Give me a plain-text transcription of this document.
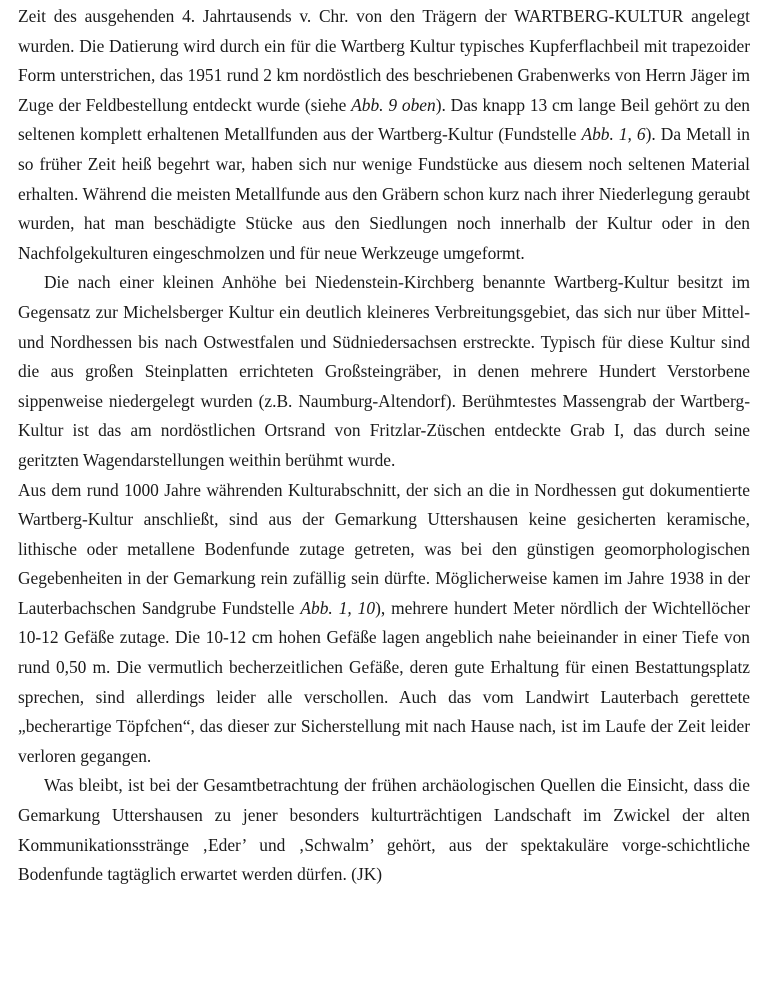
Zeit des ausgehenden 4. Jahrtausends v. Chr. von den Trägern der WARTBERG-KULTUR angelegt wurden. Die Datierung wird durch ein für die Wartberg Kultur typisches Kupferflachbeil mit trapezoider Form unterstrichen, das 1951 rund 2 km nordöstlich des beschriebenen Grabenwerks von Herrn Jäger im Zuge der Feldbestellung entdeckt wurde (siehe Abb. 9 oben). Das knapp 13 cm lange Beil gehört zu den seltenen komplett erhaltenen Metallfunden aus der Wartberg-Kultur (Fundstelle Abb. 1, 6). Da Metall in so früher Zeit heiß begehrt war, haben sich nur wenige Fundstücke aus diesem noch seltenen Material erhalten. Während die meisten Metallfunde aus den Gräbern schon kurz nach ihrer Niederlegung geraubt wurden, hat man beschädigte Stücke aus den Siedlungen noch innerhalb der Kultur oder in den Nachfolgekulturen eingeschmolzen und für neue Werkzeuge umgeformt.

Die nach einer kleinen Anhöhe bei Niedenstein-Kirchberg benannte Wartberg-Kultur besitzt im Gegensatz zur Michelsberger Kultur ein deutlich kleineres Verbreitungsgebiet, das sich nur über Mittel- und Nordhessen bis nach Ostwestfalen und Südniedersachsen erstreckte. Typisch für diese Kultur sind die aus großen Steinplatten errichteten Großsteingräber, in denen mehrere Hundert Verstorbene sippenweise niedergelegt wurden (z.B. Naumburg-Altendorf). Berühmtestes Massengrab der Wartberg-Kultur ist das am nordöstlichen Ortsrand von Fritzlar-Züschen entdeckte Grab I, das durch seine geritzten Wagendarstellungen weithin berühmt wurde.

Aus dem rund 1000 Jahre währenden Kulturabschnitt, der sich an die in Nordhessen gut dokumentierte Wartberg-Kultur anschließt, sind aus der Gemarkung Uttershausen keine gesicherten keramische, lithische oder metallene Bodenfunde zutage getreten, was bei den günstigen geomorphologischen Gegebenheiten in der Gemarkung rein zufällig sein dürfte. Möglicherweise kamen im Jahre 1938 in der Lauterbachschen Sandgrube Fundstelle Abb. 1, 10), mehrere hundert Meter nördlich der Wichtellöcher 10-12 Gefäße zutage. Die 10-12 cm hohen Gefäße lagen angeblich nahe beieinander in einer Tiefe von rund 0,50 m. Die vermutlich becherzeitlichen Gefäße, deren gute Erhaltung für einen Bestattungsplatz sprechen, sind allerdings leider alle verschollen. Auch das vom Landwirt Lauterbach gerettete „becherartige Töpfchen“, das dieser zur Sicherstellung mit nach Hause nach, ist im Laufe der Zeit leider verloren gegangen.

Was bleibt, ist bei der Gesamtbetrachtung der frühen archäologischen Quellen die Einsicht, dass die Gemarkung Uttershausen zu jener besonders kulturträchtigen Landschaft im Zwickel der alten Kommunikationsstränge ‚Eder’ und ‚Schwalm’ gehört, aus der spektakuläre vorge-schichtliche Bodenfunde tagtäglich erwartet werden dürfen. (JK)
